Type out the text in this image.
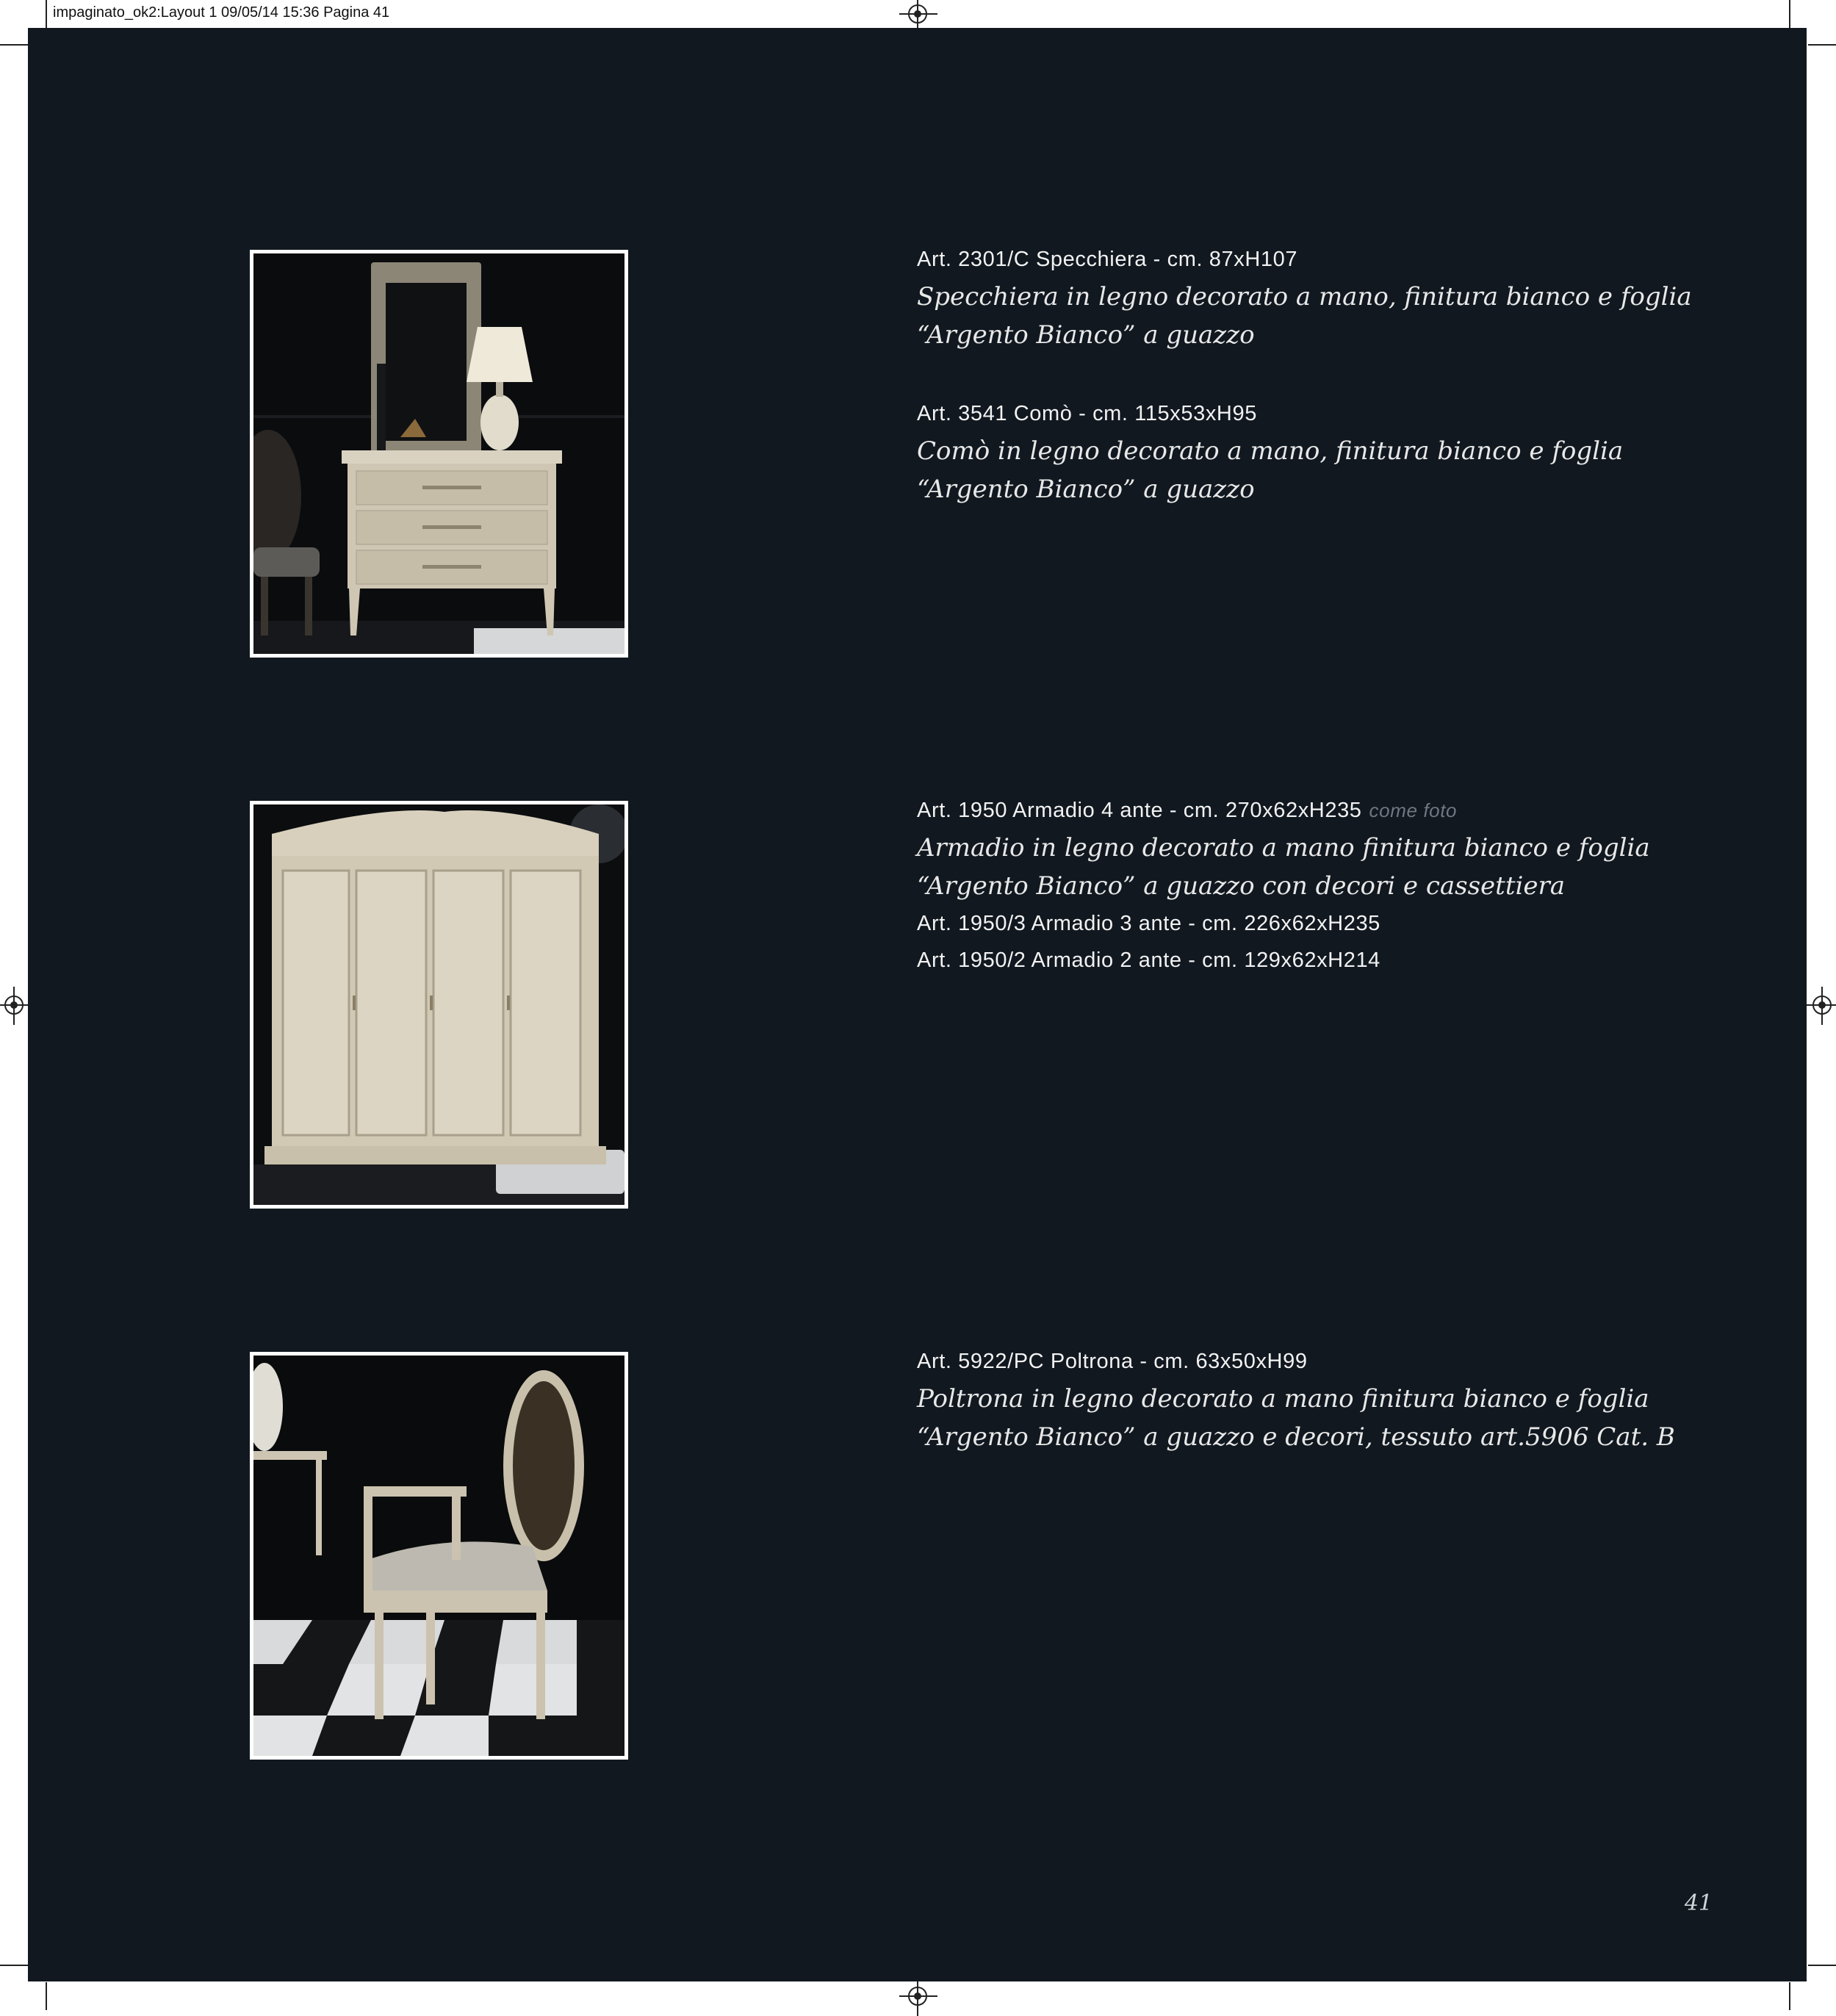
impaginato_ok2:Layout 1 09/05/14 15:36 Pagina 41

Art. 2301/C Specchiera - cm. 87xH107

Specchiera in legno decorato a mano, finitura bianco e foglia

“Argento Bianco” a guazzo

Art. 3541 Comò - cm. 115x53xH95

Comò in legno decorato a mano, finitura bianco e foglia

“Argento Bianco” a guazzo

Art. 1950 Armadio 4 ante - cm. 270x62xH235 come foto

Armadio in legno decorato a mano finitura bianco e foglia

“Argento Bianco” a guazzo con decori e cassettiera

Art. 1950/3 Armadio 3 ante - cm. 226x62xH235

Art. 1950/2 Armadio 2 ante - cm. 129x62xH214

Art. 5922/PC Poltrona - cm. 63x50xH99

Poltrona in legno decorato a mano finitura bianco e foglia

“Argento Bianco” a guazzo e decori, tessuto art.5906 Cat. B

41
